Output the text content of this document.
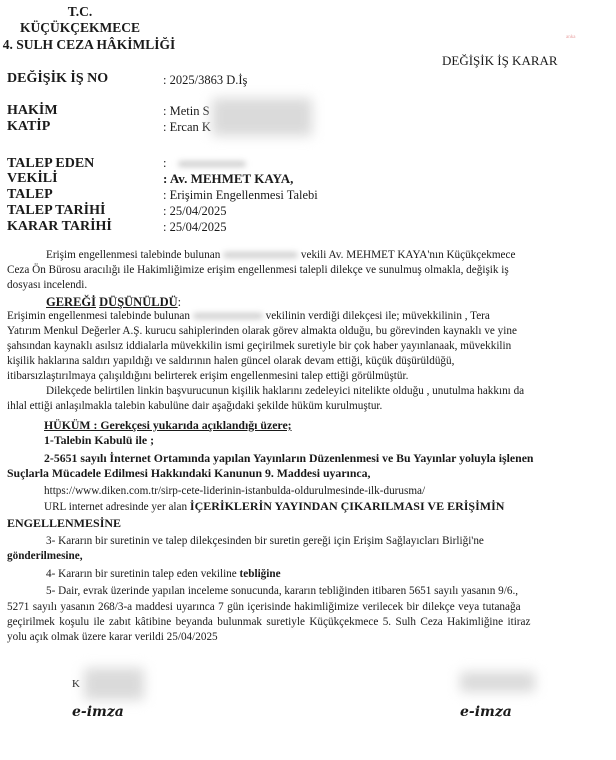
T.C.
KÜÇÜKÇEKMECE
4. SULH CEZA HÂKİMLİĞİ	anka
DEĞİŞİK İŞ KARAR
DEĞİŞİK İŞ NO	: 2025/3863 D.İş
HAKİM	: Metin S
KATİP	: Ercan K
TALEP EDEN	:
VEKİLİ	: Av. MEHMET KAYA,
TALEP	: Erişimin Engellenmesi Talebi
TALEP TARİHİ	: 25/04/2025
KARAR TARİHİ	: 25/04/2025
Erişim engellenmesi talebinde bulunan	vekili Av. MEHMET KAYA'nın Küçükçekmece
Ceza Ön Bürosu aracılığı ile Hakimliğimize erişim engellenmesi talepli dilekçe ve sunulmuş olmakla, değişik iş
dosyası incelendi.
GEREĞİ DÜŞÜNÜLDÜ:
Erişimin engellenmesi talebinde bulunan	vekilinin verdiği dilekçesi ile; müvekkilinin , Tera
Yatırım Menkul Değerler A.Ş. kurucu sahiplerinden olarak görev almakta olduğu, bu görevinden kaynaklı ve yine
şahsından kaynaklı asılsız iddialarla müvekkilin ismi geçirilmek suretiyle bir çok haber yayınlanaak, müvekkilin
kişilik haklarına saldırı yapıldığı ve saldırının halen güncel olarak devam ettiği, küçük düşürüldüğü,
itibarsızlaştırılmaya çalışıldığını belirterek erişim engellenmesini talep ettiği görülmüştür.
Dilekçede belirtilen linkin başvurucunun kişilik haklarını zedeleyici nitelikte olduğu , unutulma hakkını da
ihlal ettiği anlaşılmakla talebin kabulüne dair aşağıdaki şekilde hüküm kurulmuştur.
HÜKÜM : Gerekçesi yukarıda açıklandığı üzere;
1-Talebin Kabulü ile ;
2-5651 sayılı İnternet Ortamında yapılan Yayınların Düzenlenmesi ve Bu Yayınlar yoluyla işlenen
Suçlarla Mücadele Edilmesi Hakkındaki Kanunun 9. Maddesi uyarınca,
https://www.diken.com.tr/sirp-cete-liderinin-istanbulda-oldurulmesinde-ilk-durusma/
URL internet adresinde yer alan İÇERİKLERİN YAYINDAN ÇIKARILMASI VE ERİŞİMİN
ENGELLENMESİNE
3- Kararın bir suretinin ve talep dilekçesinden bir suretin gereği için Erişim Sağlayıcları Birliği'ne
gönderilmesine,
4- Kararın bir suretinin talep eden vekiline tebliğine
5- Dair, evrak üzerinde yapılan inceleme sonucunda, kararın tebliğinden itibaren 5651 sayılı yasanın 9/6.,
5271 sayılı yasanın 268/3-a maddesi uyarınca 7 gün içerisinde hakimliğimize verilecek bir dilekçe veya tutanağa
geçirilmek koşulu ile zabıt kâtibine beyanda bulunmak suretiyle Küçükçekmece 5. Sulh Ceza Hakimliğine itiraz
yolu açık olmak üzere karar verildi 25/04/2025
K
e-imza	e-imza
